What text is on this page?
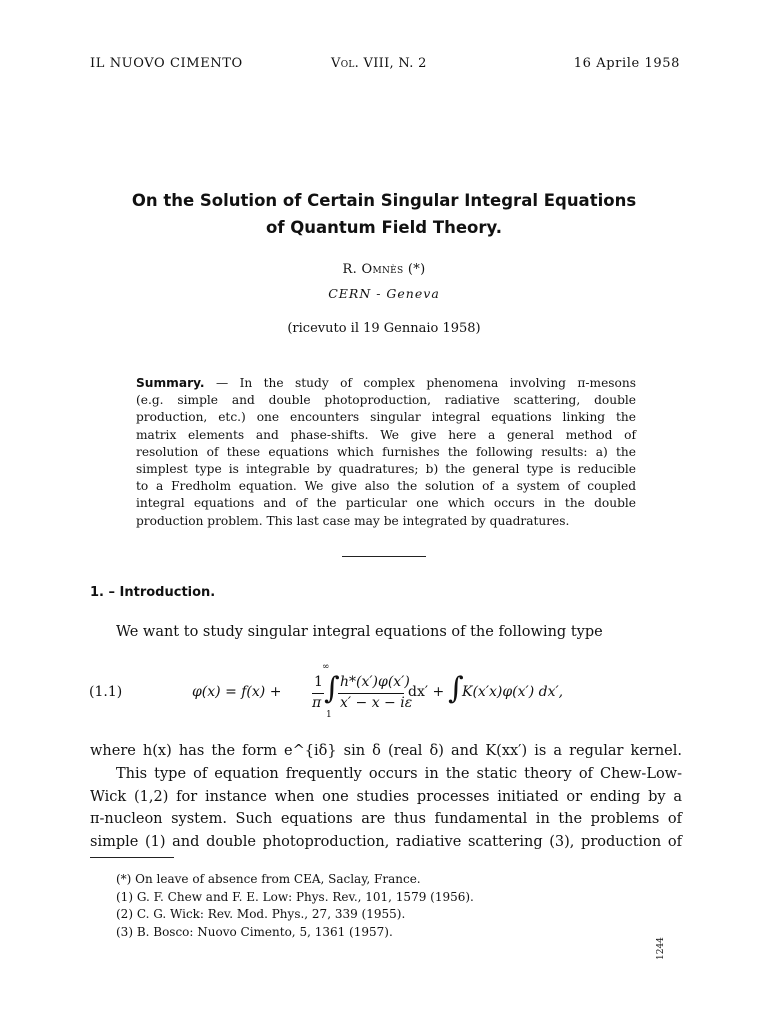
IL NUOVO CIMENTO	Vol. VIII, N. 2	16 Aprile 1958
On the Solution of Certain Singular Integral Equations
of Quantum Field Theory.
R. Omnès (*)
CERN - Geneva
(ricevuto il 19 Gennaio 1958)
Summary. — In the study of complex phenomena involving π-mesons
(e.g. simple and double photoproduction, radiative scattering, double
production, etc.) one encounters singular integral equations linking the
matrix elements and phase-shifts. We give here a general method of
resolution of these equations which furnishes the following results: a) the
simplest type is integrable by quadratures; b) the general type is reducible
to a Fredholm equation. We give also the solution of a system of coupled
integral equations and of the particular one which occurs in the double
production problem. This last case may be integrated by quadratures.
1. – Introduction.
We want to study singular integral equations of the following type
(1.1)	φ(x) = f(x) +
1
π
∞
∫
1
h*(x′)φ(x′)
x′ − x − iε
dx′ + ∫
K(x′x)φ(x′) dx′,
where h(x) has the form e^{iδ} sin δ (real δ) and K(xx′) is a regular kernel.
This type of equation frequently occurs in the static theory of Chew-Low-
Wick (1,2) for instance when one studies processes initiated or ending by a
π-nucleon system. Such equations are thus fundamental in the problems of
simple (1) and double photoproduction, radiative scattering (3), production of
(*) On leave of absence from CEA, Saclay, France.
(1) G. F. Chew and F. E. Low: Phys. Rev., 101, 1579 (1956).
(2) C. G. Wick: Rev. Mod. Phys., 27, 339 (1955).
(3) B. Bosco: Nuovo Cimento, 5, 1361 (1957).
1244
